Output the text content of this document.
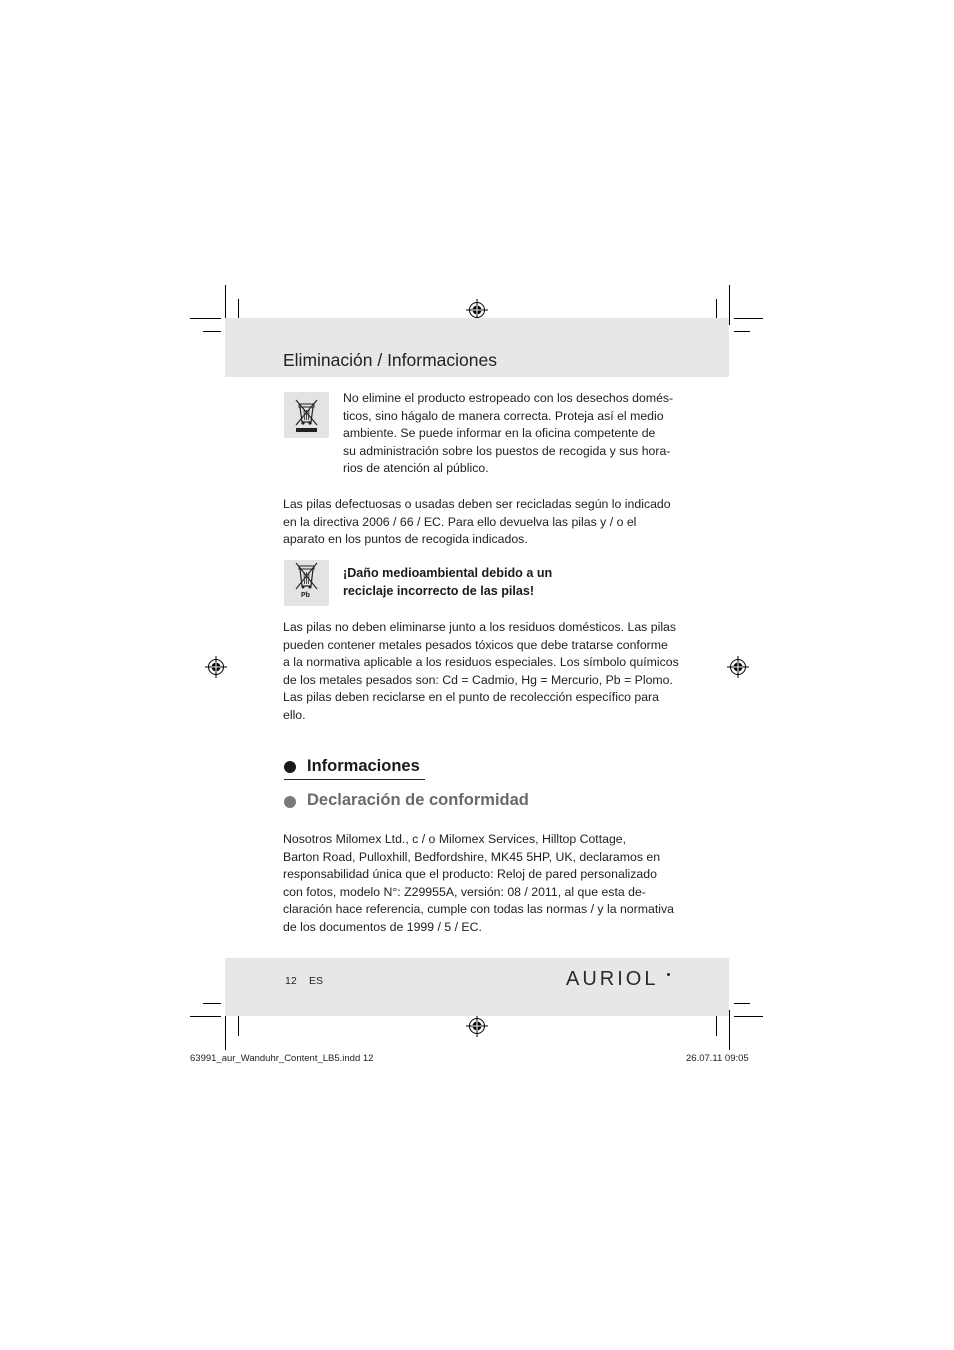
Eliminación / Informaciones
No elimine el producto estropeado con los desechos domés-
ticos, sino hágalo de manera correcta. Proteja así el medio
ambiente. Se puede informar en la oficina competente de
su administración sobre los puestos de recogida y sus hora-
rios de atención al público.
Las pilas defectuosas o usadas deben ser recicladas según lo indicado
en la directiva 2006 / 66 / EC. Para ello devuelva las pilas y / o el
aparato en los puntos de recogida indicados.
Pb
¡Daño medioambiental debido a un
reciclaje incorrecto de las pilas!
Las pilas no deben eliminarse junto a los residuos domésticos. Las pilas
pueden contener metales pesados tóxicos que debe tratarse conforme
a la normativa aplicable a los residuos especiales. Los símbolo químicos
de los metales pesados son: Cd = Cadmio, Hg = Mercurio, Pb = Plomo.
Las pilas deben reciclarse en el punto de recolección específico para
ello.
Informaciones
Declaración de conformidad
Nosotros Milomex Ltd., c / o Milomex Services, Hilltop Cottage,
Barton Road, Pulloxhill, Bedfordshire, MK45 5HP, UK, declaramos en
responsabilidad única que el producto: Reloj de pared personalizado
con fotos, modelo N°: Z29955A, versión: 08 / 2011, al que esta de-
claración hace referencia, cumple con todas las normas / y la normativa
de los documentos de 1999 / 5 / EC.
12 ES	AURIOL
63991_aur_Wanduhr_Content_LB5.indd 12	26.07.11 09:05
